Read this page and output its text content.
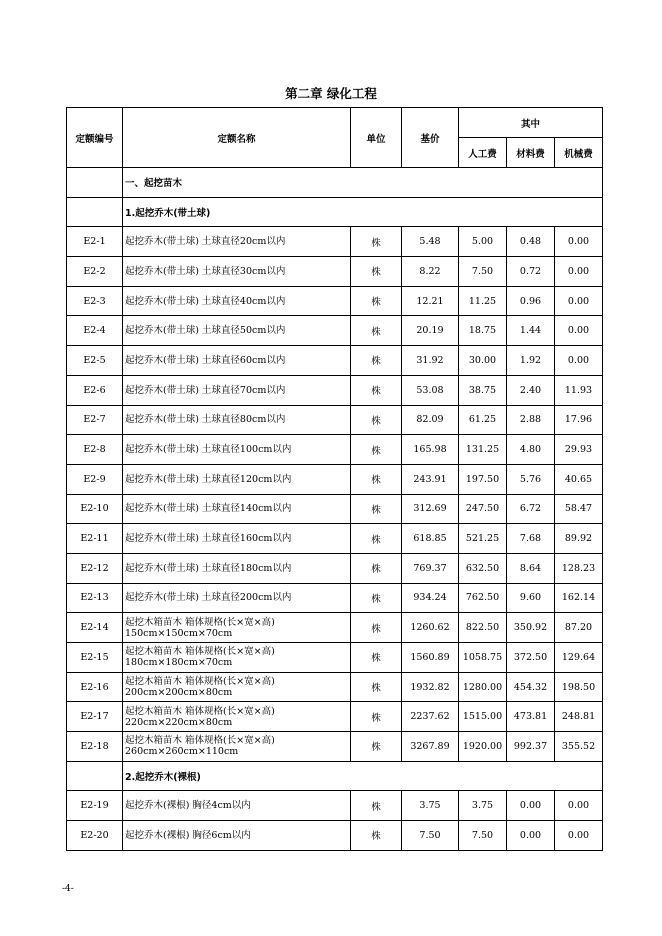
第二章 绿化工程
定额编号	定额名称	单位	基价	其中		
				人工费	材料费	机械费
	一、起挖苗木					
	1.起挖乔木(带土球)					
E2-1	起挖乔木(带土球) 土球直径20cm以内	株	5.48	5.00	0.48	0.00
E2-2	起挖乔木(带土球) 土球直径30cm以内	株	8.22	7.50	0.72	0.00
E2-3	起挖乔木(带土球) 土球直径40cm以内	株	12.21	11.25	0.96	0.00
E2-4	起挖乔木(带土球) 土球直径50cm以内	株	20.19	18.75	1.44	0.00
E2-5	起挖乔木(带土球) 土球直径60cm以内	株	31.92	30.00	1.92	0.00
E2-6	起挖乔木(带土球) 土球直径70cm以内	株	53.08	38.75	2.40	11.93
E2-7	起挖乔木(带土球) 土球直径80cm以内	株	82.09	61.25	2.88	17.96
E2-8	起挖乔木(带土球) 土球直径100cm以内	株	165.98	131.25	4.80	29.93
E2-9	起挖乔木(带土球) 土球直径120cm以内	株	243.91	197.50	5.76	40.65
E2-10	起挖乔木(带土球) 土球直径140cm以内	株	312.69	247.50	6.72	58.47
E2-11	起挖乔木(带土球) 土球直径160cm以内	株	618.85	521.25	7.68	89.92
E2-12	起挖乔木(带土球) 土球直径180cm以内	株	769.37	632.50	8.64	128.23
E2-13	起挖乔木(带土球) 土球直径200cm以内	株	934.24	762.50	9.60	162.14
E2-14	起挖木箱苗木 箱体规格(长×宽×高)
150cm×150cm×70cm	株	1260.62	822.50	350.92	87.20
E2-15	起挖木箱苗木 箱体规格(长×宽×高)
180cm×180cm×70cm	株	1560.89	1058.75	372.50	129.64
E2-16	起挖木箱苗木 箱体规格(长×宽×高)
200cm×200cm×80cm	株	1932.82	1280.00	454.32	198.50
E2-17	起挖木箱苗木 箱体规格(长×宽×高)
220cm×220cm×80cm	株	2237.62	1515.00	473.81	248.81
E2-18	起挖木箱苗木 箱体规格(长×宽×高)
260cm×260cm×110cm	株	3267.89	1920.00	992.37	355.52
	2.起挖乔木(裸根)					
E2-19	起挖乔木(裸根) 胸径4cm以内	株	3.75	3.75	0.00	0.00
E2-20	起挖乔木(裸根) 胸径6cm以内	株	7.50	7.50	0.00	0.00
-4-
